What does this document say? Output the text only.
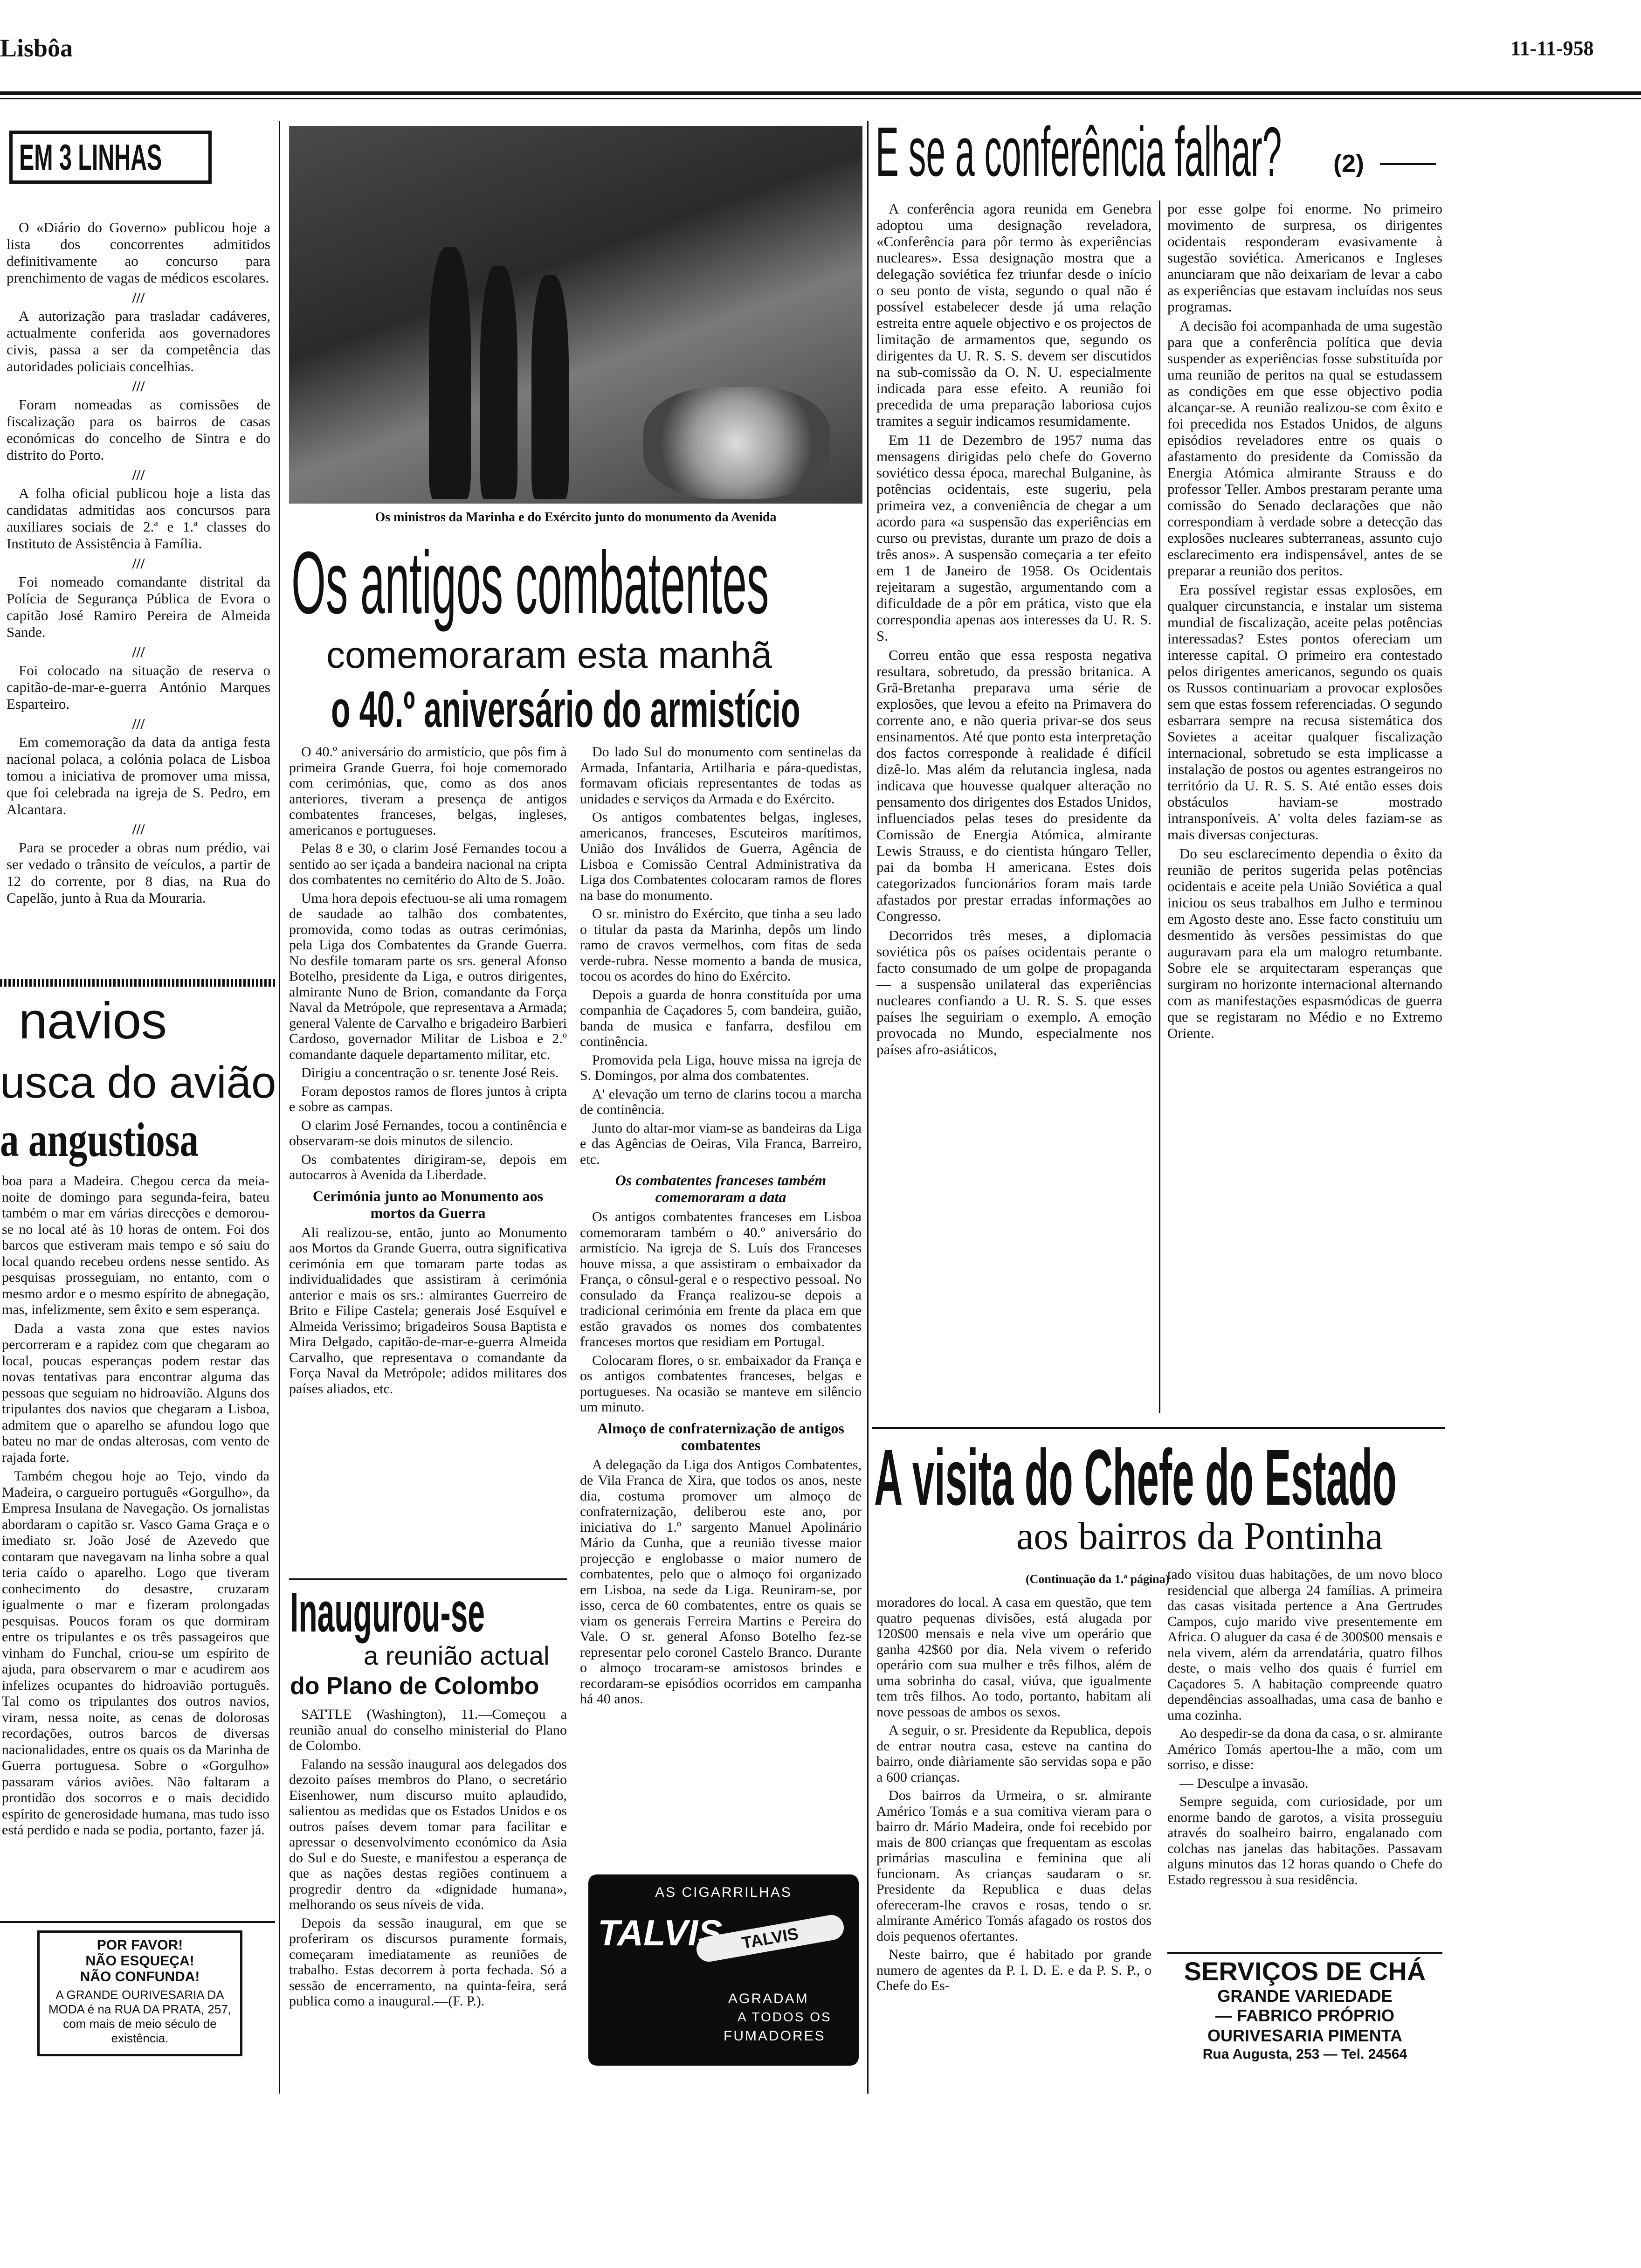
Lisbôa	11-11-958
EM 3 LINHAS

O «Diário do Governo» publicou hoje a lista dos concorrentes admitidos definitivamente ao concurso para prenchimento de vagas de médicos escolares.

///

A autorização para trasladar cadáveres, actualmente conferida aos governadores civis, passa a ser da competência das autoridades policiais concelhias.

///

Foram nomeadas as comissões de fiscalização para os bairros de casas económicas do concelho de Sintra e do distrito do Porto.

///

A folha oficial publicou hoje a lista das candidatas admitidas aos concursos para auxiliares sociais de 2.ª e 1.ª classes do Instituto de Assistência à Família.

///

Foi nomeado comandante distrital da Polícia de Segurança Pública de Evora o capitão José Ramiro Pereira de Almeida Sande.

///

Foi colocado na situação de reserva o capitão-de-mar-e-guerra António Marques Esparteiro.

///

Em comemoração da data da antiga festa nacional polaca, a colónia polaca de Lisboa tomou a iniciativa de promover uma missa, que foi celebrada na igreja de S. Pedro, em Alcantara.

///

Para se proceder a obras num prédio, vai ser vedado o trânsito de veículos, a partir de 12 do corrente, por 8 dias, na Rua do Capelão, junto à Rua da Mouraria.

navios
usca do avião
a angustiosa

boa para a Madeira. Chegou cerca da meia-noite de domingo para segunda-feira, bateu também o mar em várias direcções e demorou-se no local até às 10 horas de ontem. Foi dos barcos que estiveram mais tempo e só saiu do local quando recebeu ordens nesse sentido. As pesquisas prosseguiam, no entanto, com o mesmo ardor e o mesmo espírito de abnegação, mas, infelizmente, sem êxito e sem esperança.

Dada a vasta zona que estes navios percorreram e a rapidez com que chegaram ao local, poucas esperanças podem restar das novas tentativas para encontrar alguma das pessoas que seguiam no hidroavião. Alguns dos tripulantes dos navios que chegaram a Lisboa, admitem que o aparelho se afundou logo que bateu no mar de ondas alterosas, com vento de rajada forte.

Também chegou hoje ao Tejo, vindo da Madeira, o cargueiro português «Gorgulho», da Empresa Insulana de Navegação. Os jornalistas abordaram o capitão sr. Vasco Gama Graça e o imediato sr. João José de Azevedo que contaram que navegavam na linha sobre a qual teria caído o aparelho. Logo que tiveram conhecimento do desastre, cruzaram igualmente o mar e fizeram prolongadas pesquisas. Poucos foram os que dormiram entre os tripulantes e os três passageiros que vinham do Funchal, criou-se um espírito de ajuda, para observarem o mar e acudirem aos infelizes ocupantes do hidroavião português. Tal como os tripulantes dos outros navios, viram, nessa noite, as cenas de dolorosas recordações, outros barcos de diversas nacionalidades, entre os quais os da Marinha de Guerra portuguesa. Sobre o «Gorgulho» passaram vários aviões. Não faltaram a prontidão dos socorros e o mais decidido espírito de generosidade humana, mas tudo isso está perdido e nada se podia, portanto, fazer já.

POR FAVOR!
NÃO ESQUEÇA!
NÃO CONFUNDA!
A GRANDE OURIVESARIA DA MODA é na RUA DA PRATA, 257, com mais de meio século de existência.
Os ministros da Marinha e do Exército junto do monumento da Avenida
Os antigos combatentes
comemoraram esta manhã
o 40.º aniversário do armistício

O 40.º aniversário do armistício, que pôs fim à primeira Grande Guerra, foi hoje comemorado com cerimónias, que, como as dos anos anteriores, tiveram a presença de antigos combatentes franceses, belgas, ingleses, americanos e portugueses.

Pelas 8 e 30, o clarim José Fernandes tocou a sentido ao ser içada a bandeira nacional na cripta dos combatentes no cemitério do Alto de S. João.

Uma hora depois efectuou-se ali uma romagem de saudade ao talhão dos combatentes, promovida, como todas as outras cerimónias, pela Liga dos Combatentes da Grande Guerra. No desfile tomaram parte os srs. general Afonso Botelho, presidente da Liga, e outros dirigentes, almirante Nuno de Brion, comandante da Força Naval da Metrópole, que representava a Armada; general Valente de Carvalho e brigadeiro Barbieri Cardoso, governador Militar de Lisboa e 2.º comandante daquele departamento militar, etc.

Dirigiu a concentração o sr. tenente José Reis.

Foram depostos ramos de flores juntos à cripta e sobre as campas.

O clarim José Fernandes, tocou a continência e observaram-se dois minutos de silencio.

Os combatentes dirigiram-se, depois em autocarros à Avenida da Liberdade.

Cerimónia junto ao Monumento aos mortos da Guerra

Ali realizou-se, então, junto ao Monumento aos Mortos da Grande Guerra, outra significativa cerimónia em que tomaram parte todas as individualidades que assistiram à cerimónia anterior e mais os srs.: almirantes Guerreiro de Brito e Filipe Castela; generais José Esquível e Almeida Verissimo; brigadeiros Sousa Baptista e Mira Delgado, capitão-de-mar-e-guerra Almeida Carvalho, que representava o comandante da Força Naval da Metrópole; adidos militares dos países aliados, etc.

Do lado Sul do monumento com sentinelas da Armada, Infantaria, Artilharia e pára-quedistas, formavam oficiais representantes de todas as unidades e serviços da Armada e do Exército.

Os antigos combatentes belgas, ingleses, americanos, franceses, Escuteiros marítimos, União dos Inválidos de Guerra, Agência de Lisboa e Comissão Central Administrativa da Liga dos Combatentes colocaram ramos de flores na base do monumento.

O sr. ministro do Exército, que tinha a seu lado o titular da pasta da Marinha, depôs um lindo ramo de cravos vermelhos, com fitas de seda verde-rubra. Nesse momento a banda de musica, tocou os acordes do hino do Exército.

Depois a guarda de honra constituída por uma companhia de Caçadores 5, com bandeira, guião, banda de musica e fanfarra, desfilou em continência.

Promovida pela Liga, houve missa na igreja de S. Domingos, por alma dos combatentes.

A' elevação um terno de clarins tocou a marcha de continência.

Junto do altar-mor viam-se as bandeiras da Liga e das Agências de Oeiras, Vila Franca, Barreiro, etc.

Os combatentes franceses também comemoraram a data

Os antigos combatentes franceses em Lisboa comemoraram também o 40.º aniversário do armistício. Na igreja de S. Luís dos Franceses houve missa, a que assistiram o embaixador da França, o cônsul-geral e o respectivo pessoal. No consulado da França realizou-se depois a tradicional cerimónia em frente da placa em que estão gravados os nomes dos combatentes franceses mortos que residiam em Portugal.

Colocaram flores, o sr. embaixador da França e os antigos combatentes franceses, belgas e portugueses. Na ocasião se manteve em silêncio um minuto.

Almoço de confraternização de antigos combatentes

A delegação da Liga dos Antigos Combatentes, de Vila Franca de Xira, que todos os anos, neste dia, costuma promover um almoço de confraternização, deliberou este ano, por iniciativa do 1.º sargento Manuel Apolinário Mário da Cunha, que a reunião tivesse maior projecção e englobasse o maior numero de combatentes, pelo que o almoço foi organizado em Lisboa, na sede da Liga. Reuniram-se, por isso, cerca de 60 combatentes, entre os quais se viam os generais Ferreira Martins e Pereira do Vale. O sr. general Afonso Botelho fez-se representar pelo coronel Castelo Branco. Durante o almoço trocaram-se amistosos brindes e recordaram-se episódios ocorridos em campanha há 40 anos.

Inaugurou-se
a reunião actual
do Plano de Colombo

SATTLE (Washington), 11.—Começou a reunião anual do conselho ministerial do Plano de Colombo.

Falando na sessão inaugural aos delegados dos dezoito países membros do Plano, o secretário Eisenhower, num discurso muito aplaudido, salientou as medidas que os Estados Unidos e os outros países devem tomar para facilitar e apressar o desenvolvimento económico da Asia do Sul e do Sueste, e manifestou a esperança de que as nações destas regiões continuem a progredir dentro da «dignidade humana», melhorando os seus níveis de vida.

Depois da sessão inaugural, em que se proferiram os discursos puramente formais, começaram imediatamente as reuniões de trabalho. Estas decorrem à porta fechada. Só a sessão de encerramento, na quinta-feira, será publica como a inaugural.—(F. P.).

AS CIGARRILHAS
TALVIS	TALVIS
AGRADAM
A TODOS OS
FUMADORES
E se a conferência falhar? (2)

A conferência agora reunida em Genebra adoptou uma designação reveladora, «Conferência para pôr termo às experiências nucleares». Essa designação mostra que a delegação soviética fez triunfar desde o início o seu ponto de vista, segundo o qual não é possível estabelecer desde já uma relação estreita entre aquele objectivo e os projectos de limitação de armamentos que, segundo os dirigentes da U. R. S. S. devem ser discutidos na sub-comissão da O. N. U. especialmente indicada para esse efeito. A reunião foi precedida de uma preparação laboriosa cujos tramites a seguir indicamos resumidamente.

Em 11 de Dezembro de 1957 numa das mensagens dirigidas pelo chefe do Governo soviético dessa época, marechal Bulganine, às potências ocidentais, este sugeriu, pela primeira vez, a conveniência de chegar a um acordo para «a suspensão das experiências em curso ou previstas, durante um prazo de dois a três anos». A suspensão começaria a ter efeito em 1 de Janeiro de 1958. Os Ocidentais rejeitaram a sugestão, argumentando com a dificuldade de a pôr em prática, visto que ela correspondia apenas aos interesses da U. R. S. S.

Correu então que essa resposta negativa resultara, sobretudo, da pressão britanica. A Grã-Bretanha preparava uma série de explosões, que levou a efeito na Primavera do corrente ano, e não queria privar-se dos seus ensinamentos. Até que ponto esta interpretação dos factos corresponde à realidade é difícil dizê-lo. Mas além da relutancia inglesa, nada indicava que houvesse qualquer alteração no pensamento dos dirigentes dos Estados Unidos, influenciados pelas teses do presidente da Comissão de Energia Atómica, almirante Lewis Strauss, e do cientista húngaro Teller, pai da bomba H americana. Estes dois categorizados funcionários foram mais tarde afastados por prestar erradas informações ao Congresso.

Decorridos três meses, a diplomacia soviética pôs os países ocidentais perante o facto consumado de um golpe de propaganda — a suspensão unilateral das experiências nucleares confiando a U. R. S. S. que esses países lhe seguiriam o exemplo. A emoção provocada no Mundo, especialmente nos países afro-asiáticos,

por esse golpe foi enorme. No primeiro movimento de surpresa, os dirigentes ocidentais responderam evasivamente à sugestão soviética. Americanos e Ingleses anunciaram que não deixariam de levar a cabo as experiências que estavam incluídas nos seus programas.

A decisão foi acompanhada de uma sugestão para que a conferência política que devia suspender as experiências fosse substituída por uma reunião de peritos na qual se estudassem as condições em que esse objectivo podia alcançar-se. A reunião realizou-se com êxito e foi precedida nos Estados Unidos, de alguns episódios reveladores entre os quais o afastamento do presidente da Comissão da Energia Atómica almirante Strauss e do professor Teller. Ambos prestaram perante uma comissão do Senado declarações que não correspondiam à verdade sobre a detecção das explosões nucleares subterraneas, assunto cujo esclarecimento era indispensável, antes de se preparar a reunião dos peritos.

Era possível registar essas explosões, em qualquer circunstancia, e instalar um sistema mundial de fiscalização, aceite pelas potências interessadas? Estes pontos ofereciam um interesse capital. O primeiro era contestado pelos dirigentes americanos, segundo os quais os Russos continuariam a provocar explosões sem que estas fossem referenciadas. O segundo esbarrara sempre na recusa sistemática dos Sovietes a aceitar qualquer fiscalização internacional, sobretudo se esta implicasse a instalação de postos ou agentes estrangeiros no território da U. R. S. S. Até então esses dois obstáculos haviam-se mostrado intransponíveis. A' volta deles faziam-se as mais diversas conjecturas.

Do seu esclarecimento dependia o êxito da reunião de peritos sugerida pelas potências ocidentais e aceite pela União Soviética a qual iniciou os seus trabalhos em Julho e terminou em Agosto deste ano. Esse facto constituiu um desmentido às versões pessimistas do que auguravam para ela um malogro retumbante. Sobre ele se arquitectaram esperanças que surgiram no horizonte internacional alternando com as manifestações espasmódicas de guerra que se registaram no Médio e no Extremo Oriente.

A visita do Chefe do Estado
aos bairros da Pontinha
(Continuação da 1.ª página)

moradores do local. A casa em questão, que tem quatro pequenas divisões, está alugada por 120$00 mensais e nela vive um operário que ganha 42$60 por dia. Nela vivem o referido operário com sua mulher e três filhos, além de uma sobrinha do casal, viúva, que igualmente tem três filhos. Ao todo, portanto, habitam ali nove pessoas de ambos os sexos.

A seguir, o sr. Presidente da Republica, depois de entrar noutra casa, esteve na cantina do bairro, onde diàriamente são servidas sopa e pão a 600 crianças.

Dos bairros da Urmeira, o sr. almirante Américo Tomás e a sua comitiva vieram para o bairro dr. Mário Madeira, onde foi recebido por mais de 800 crianças que frequentam as escolas primárias masculina e feminina que ali funcionam. As crianças saudaram o sr. Presidente da Republica e duas delas ofereceram-lhe cravos e rosas, tendo o sr. almirante Américo Tomás afagado os rostos dos dois pequenos ofertantes.

Neste bairro, que é habitado por grande numero de agentes da P. I. D. E. e da P. S. P., o Chefe do Es-

tado visitou duas habitações, de um novo bloco residencial que alberga 24 famílias. A primeira das casas visitada pertence a Ana Gertrudes Campos, cujo marido vive presentemente em Africa. O aluguer da casa é de 300$00 mensais e nela vivem, além da arrendatária, quatro filhos deste, o mais velho dos quais é furriel em Caçadores 5. A habitação compreende quatro dependências assoalhadas, uma casa de banho e uma cozinha.

Ao despedir-se da dona da casa, o sr. almirante Américo Tomás apertou-lhe a mão, com um sorriso, e disse:

— Desculpe a invasão.

Sempre seguida, com curiosidade, por um enorme bando de garotos, a visita prosseguiu através do soalheiro bairro, engalanado com colchas nas janelas das habitações. Passavam alguns minutos das 12 horas quando o Chefe do Estado regressou à sua residência.

SERVIÇOS DE CHÁ
GRANDE VARIEDADE
— FABRICO PRÓPRIO
OURIVESARIA PIMENTA
Rua Augusta, 253 — Tel. 24564
